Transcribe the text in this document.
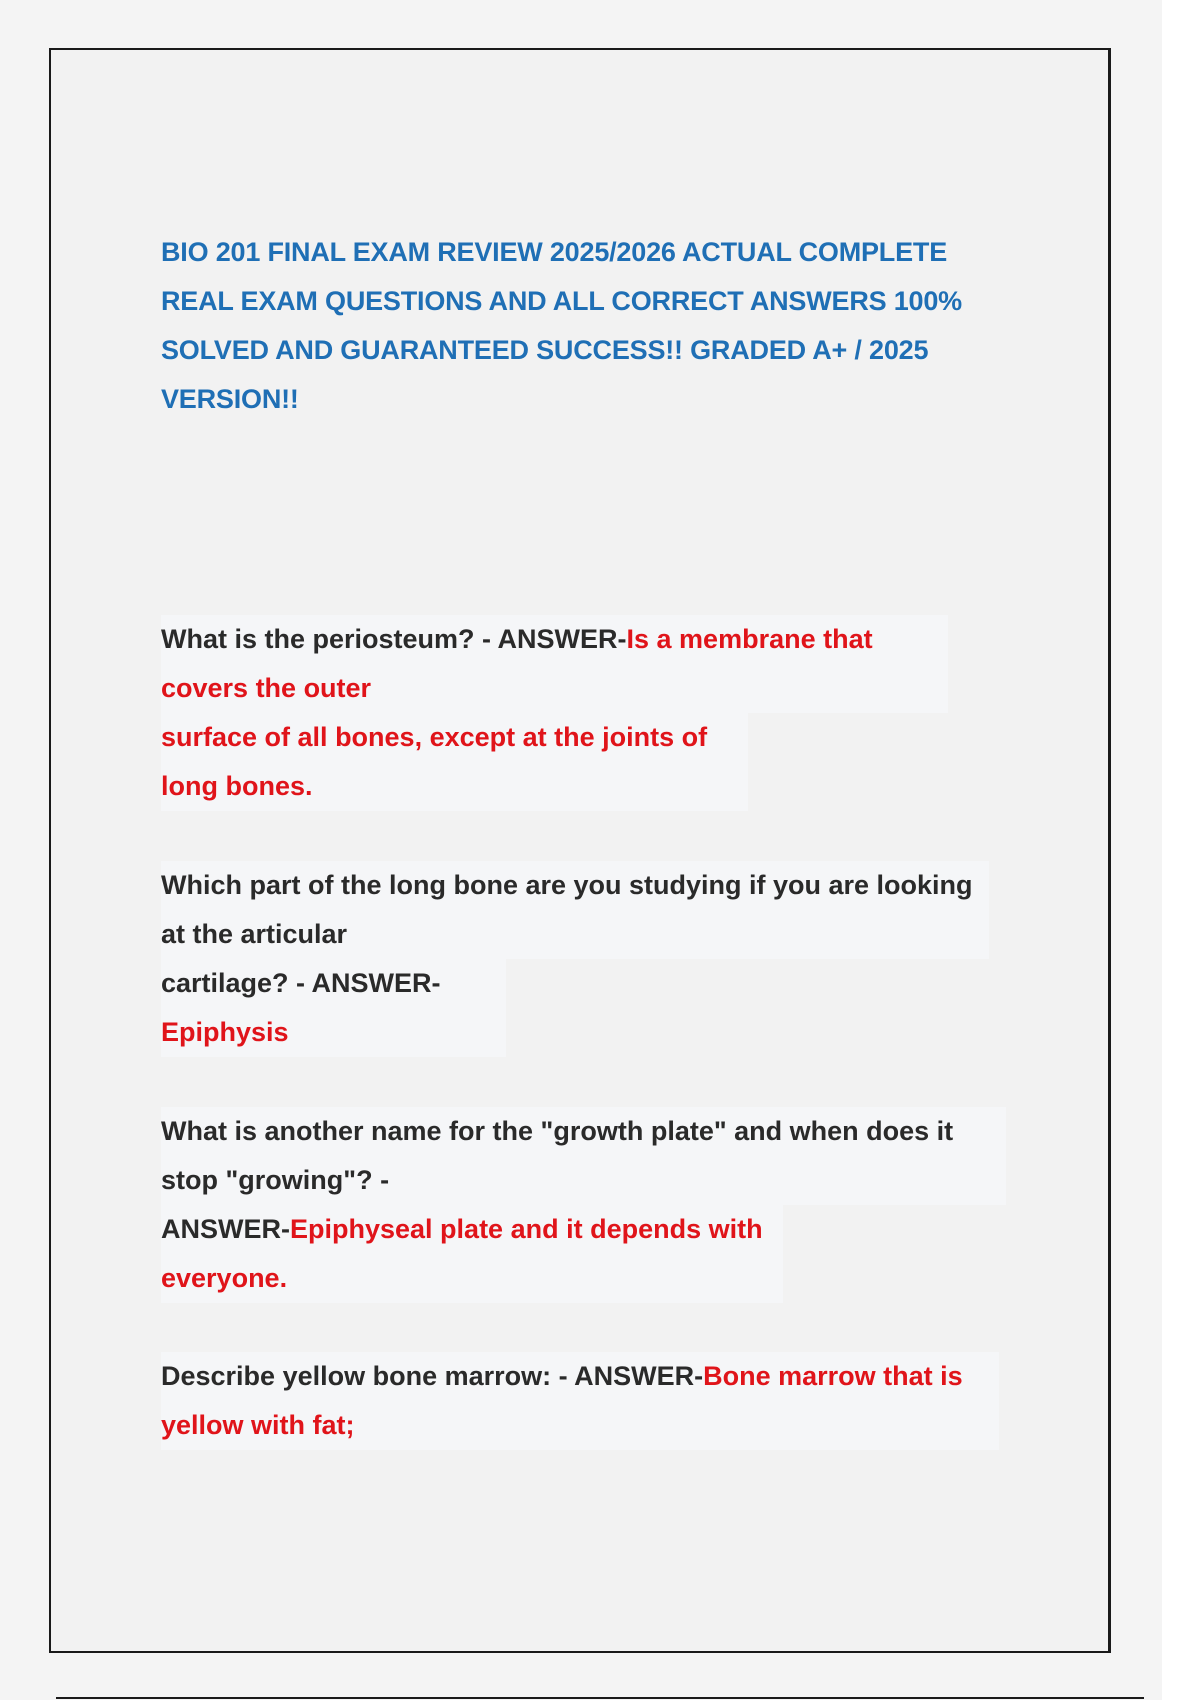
BIO 201 FINAL EXAM REVIEW 2025/2026 ACTUAL COMPLETE
REAL EXAM QUESTIONS AND ALL CORRECT ANSWERS 100%
SOLVED AND GUARANTEED SUCCESS!! GRADED A+ / 2025
VERSION!!
What is the periosteum? - ANSWER-Is a membrane that
covers the outer
surface of all bones, except at the joints of
long bones.
Which part of the long bone are you studying if you are looking
at the articular
cartilage? - ANSWER-
Epiphysis
What is another name for the "growth plate" and when does it
stop "growing"? -
ANSWER-Epiphyseal plate and it depends with
everyone.
Describe yellow bone marrow: - ANSWER-Bone marrow that is
yellow with fat;
